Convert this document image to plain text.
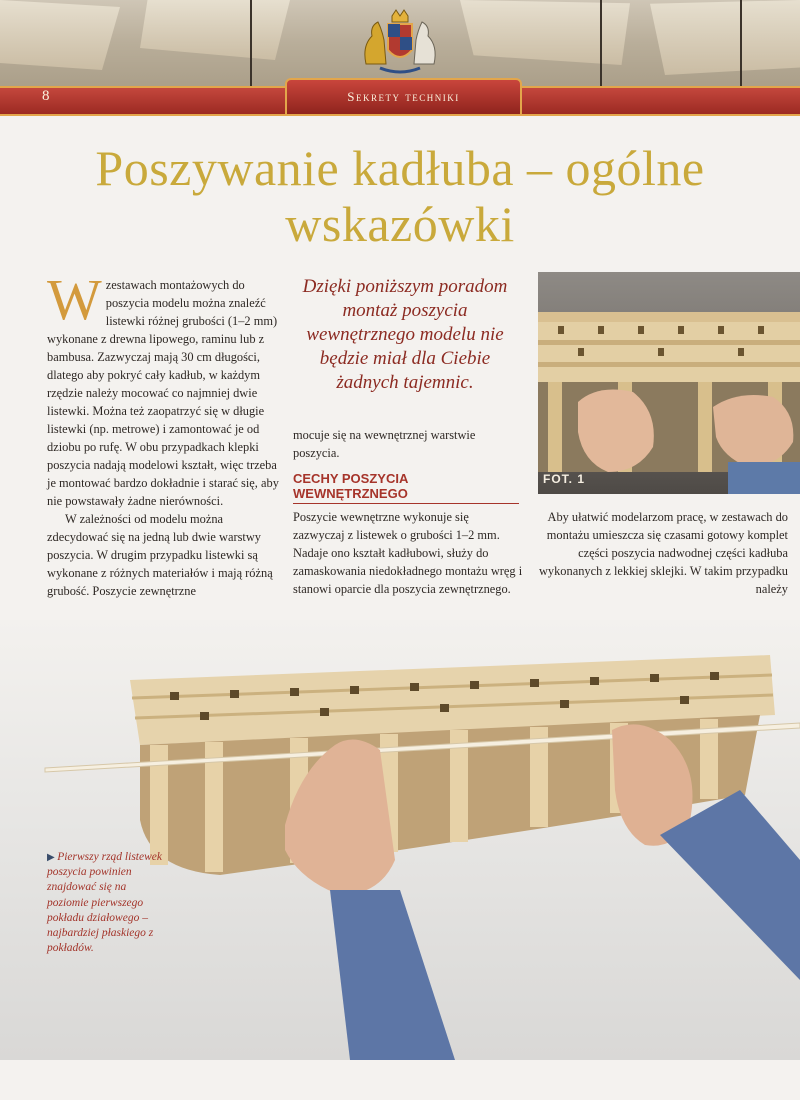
Sekrety techniki
8
Poszywanie kadłuba – ogólne wskazówki

Wzestawach montażowych do poszycia modelu można znaleźć listewki różnej grubości (1–2 mm) wykonane z drewna lipowego, raminu lub z bambusa. Zazwyczaj mają 30 cm długości, dlatego aby pokryć cały kadłub, w każdym rzędzie należy mocować co najmniej dwie listewki. Można też zaopatrzyć się w długie listewki (np. metrowe) i zamontować je od dziobu po rufę. W obu przypadkach klepki poszycia nadają modelowi kształt, więc trzeba je montować bardzo dokładnie i starać się, aby nie powstawały żadne nierówności.

W zależności od modelu można zdecydować się na jedną lub dwie warstwy poszycia. W drugim przypadku listewki są wykonane z różnych materiałów i mają różną grubość. Poszycie zewnętrzne

Dzięki poniższym poradom montaż poszycia wewnętrznego modelu nie będzie miał dla Ciebie żadnych tajemnic.

mocuje się na wewnętrznej warstwie poszycia.

CECHY POSZYCIA WEWNĘTRZNEGO

Poszycie wewnętrzne wykonuje się zazwyczaj z listewek o grubości 1–2 mm. Nadaje ono kształt kadłubowi, służy do zamaskowania niedokładnego montażu wręg i stanowi oparcie dla poszycia zewnętrznego.

FOT. 1

Aby ułatwić modelarzom pracę, w zestawach do montażu umieszcza się czasami gotowy komplet części poszycia nadwodnej części kadłuba wykonanych z lekkiej sklejki. W takim przypadku należy

▶ Pierwszy rząd listewek poszycia powinien znajdować się na poziomie pierwszego pokładu działowego – najbardziej płaskiego z pokładów.
